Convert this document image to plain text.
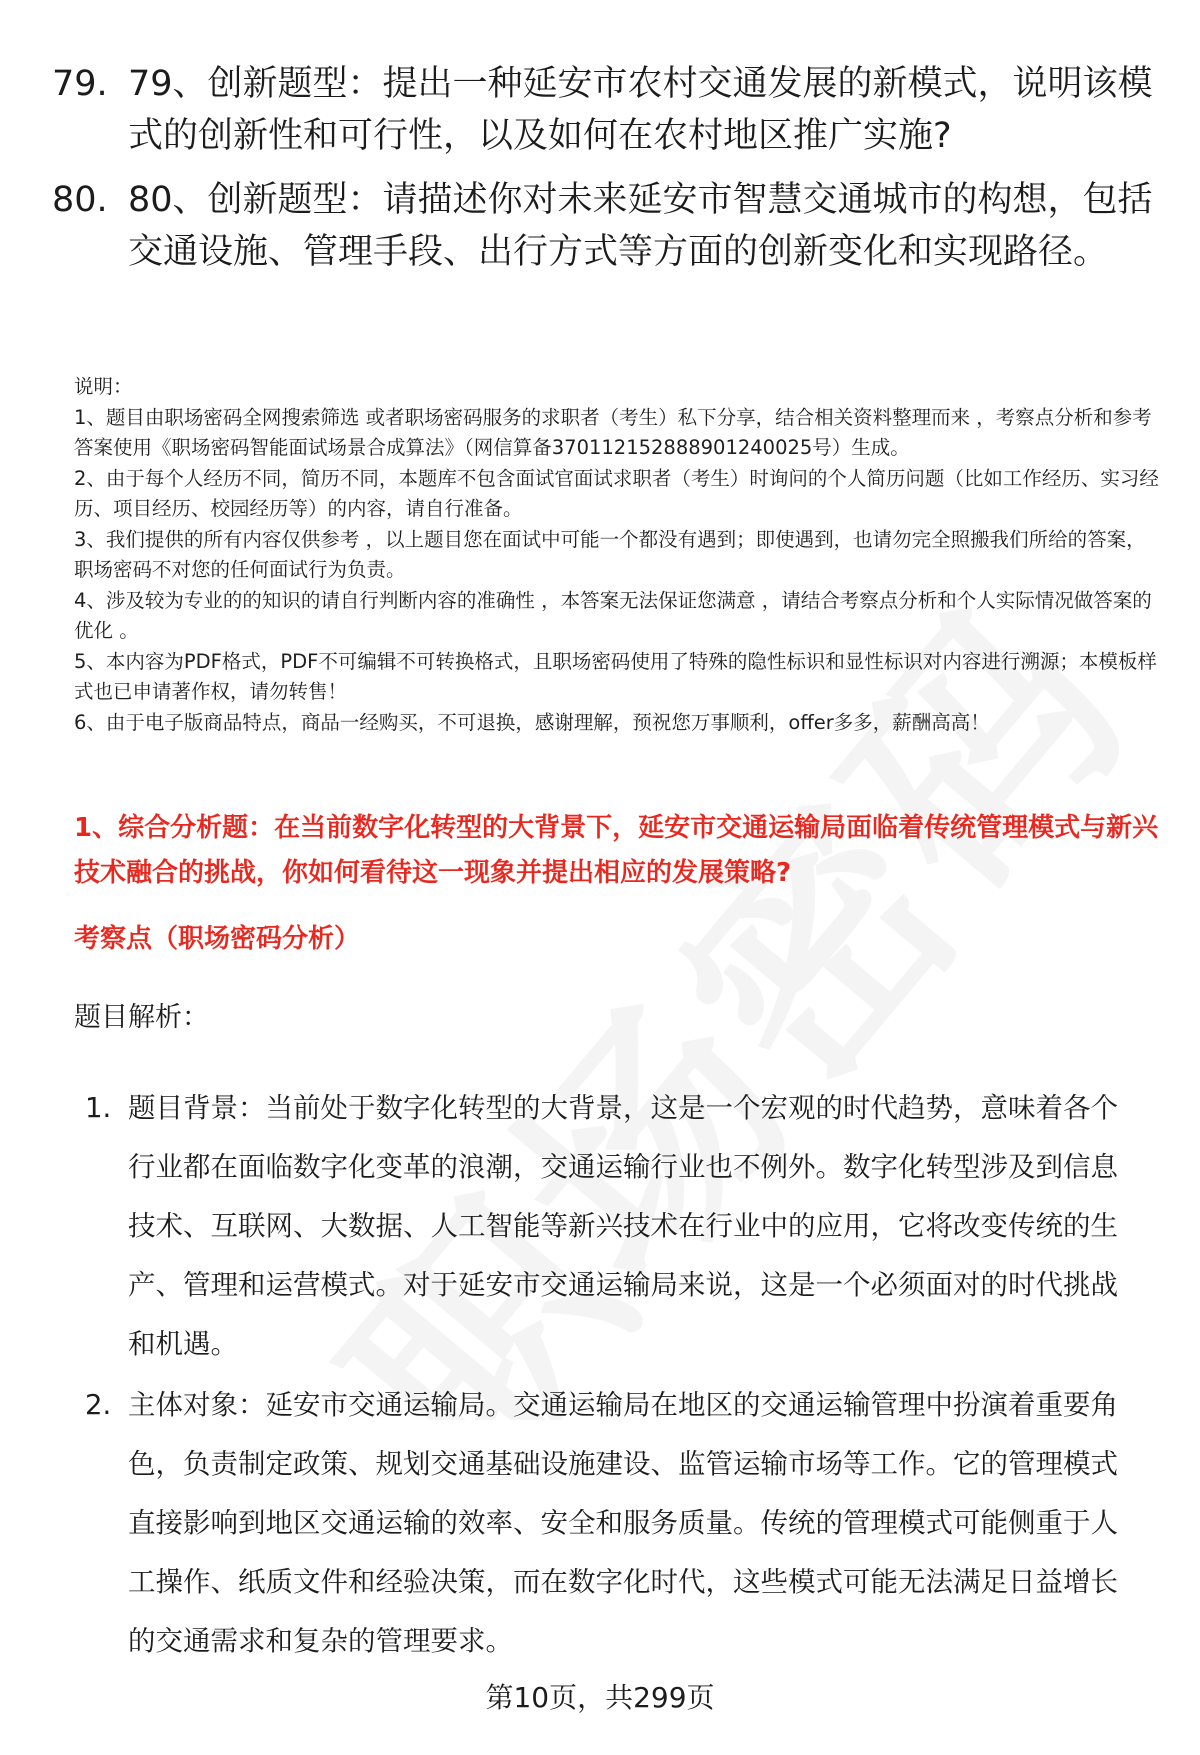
79. 79、创新题型：提出一种延安市农村交通发展的新模式，说明该模式的创新性和可行性，以及如何在农村地区推广实施?
80. 80、创新题型：请描述你对未来延安市智慧交通城市的构想，包括交通设施、管理手段、出行方式等方面的创新变化和实现路径。

说明：

1、题目由职场密码全网搜索筛选 或者职场密码服务的求职者（考生）私下分享，结合相关资料整理而来 ，考察点分析和参考答案使用《职场密码智能面试场景合成算法》（网信算备370112152888901240025号）生成。

2、由于每个人经历不同，简历不同，本题库不包含面试官面试求职者（考生）时询问的个人简历问题（比如工作经历、实习经历、项目经历、校园经历等）的内容，请自行准备。

3、我们提供的所有内容仅供参考 ，以上题目您在面试中可能一个都没有遇到；即使遇到，也请勿完全照搬我们所给的答案，职场密码不对您的任何面试行为负责。

4、涉及较为专业的的知识的请自行判断内容的准确性 ，本答案无法保证您满意 ，请结合考察点分析和个人实际情况做答案的优化 。

5、本内容为PDF格式，PDF不可编辑不可转换格式，且职场密码使用了特殊的隐性标识和显性标识对内容进行溯源；本模板样式也已申请著作权，请勿转售！

6、由于电子版商品特点，商品一经购买，不可退换，感谢理解，预祝您万事顺利，offer多多，薪酬高高！

1、综合分析题：在当前数字化转型的大背景下，延安市交通运输局面临着传统管理模式与新兴技术融合的挑战，你如何看待这一现象并提出相应的发展策略?
考察点（职场密码分析）
题目解析：
1. 题目背景：当前处于数字化转型的大背景，这是一个宏观的时代趋势，意味着各个行业都在面临数字化变革的浪潮，交通运输行业也不例外。数字化转型涉及到信息技术、互联网、大数据、人工智能等新兴技术在行业中的应用，它将改变传统的生产、管理和运营模式。对于延安市交通运输局来说，这是一个必须面对的时代挑战和机遇。
2. 主体对象：延安市交通运输局。交通运输局在地区的交通运输管理中扮演着重要角色，负责制定政策、规划交通基础设施建设、监管运输市场等工作。它的管理模式直接影响到地区交通运输的效率、安全和服务质量。传统的管理模式可能侧重于人工操作、纸质文件和经验决策，而在数字化时代，这些模式可能无法满足日益增长的交通需求和复杂的管理要求。
第10页，共299页
